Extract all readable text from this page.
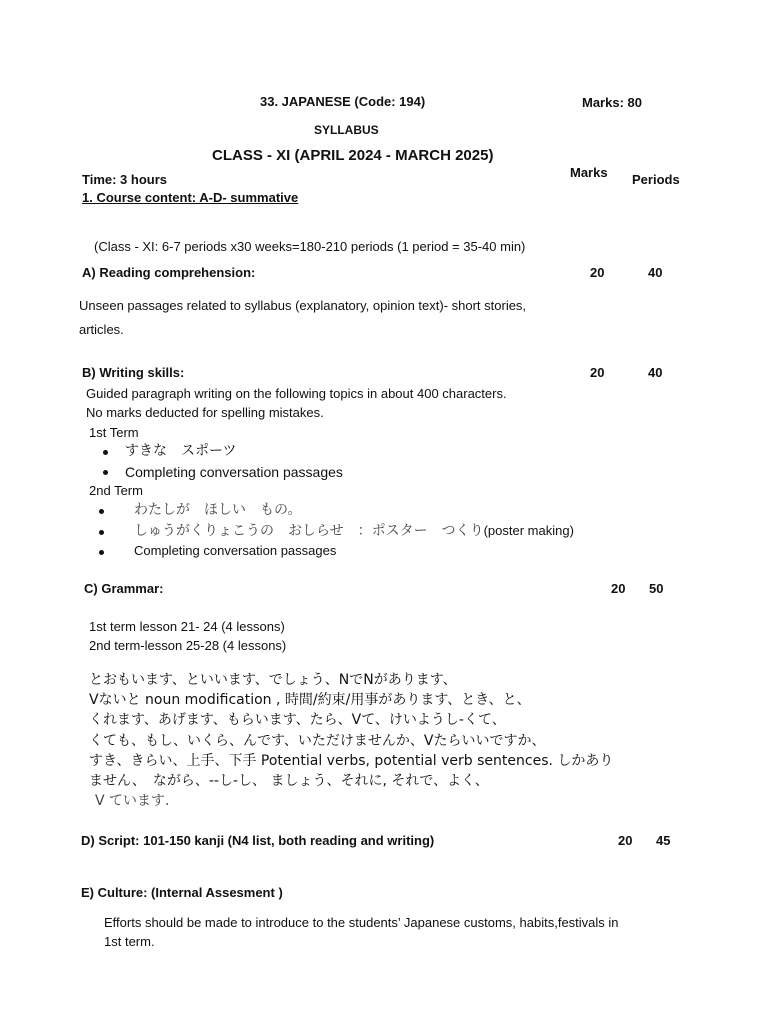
33. JAPANESE (Code: 194)	Marks: 80
SYLLABUS
CLASS - XI (APRIL 2024 - MARCH 2025)
Marks Periods
Time: 3 hours
1. Course content: A-D- summative
(Class - XI: 6-7 periods x30 weeks=180-210 periods (1 period = 35-40 min)
A) Reading comprehension:	20	40
Unseen passages related to syllabus (explanatory, opinion text)- short stories,
articles.
B) Writing skills:	20	40
Guided paragraph writing on the following topics in about 400 characters.
No marks deducted for spelling mistakes.
1st Term
すきな　スポーツ
Completing conversation passages
2nd Term
わたしが　ほしい　もの。
しゅうがくりょこうの　おしらせ　：ポスター　つくり(poster making)
Completing conversation passages
C) Grammar:	20 50
1st term lesson 21- 24 (4 lessons)
2nd term-lesson 25-28 (4 lessons)
とおもいます、といいます、でしょう、NでNがあります、
Vないと noun modification , 時間/約束/用事があります、とき、と、
くれます、あげます、もらいます、たら、Vて、けいようし-くて、
くても、もし、いくら、んです、いただけませんか、Vたらいいですか、
すき、きらい、上手、下手 Potential verbs, potential verb sentences. しかあり
ません、　ながら、--し-し、 ましょう、それに, それで、よく、
V ています.
D) Script: 101-150 kanji (N4 list, both reading and writing)	20 45
E) Culture: (Internal Assesment )
Efforts should be made to introduce to the students’ Japanese customs, habits,festivals in
1st term.
